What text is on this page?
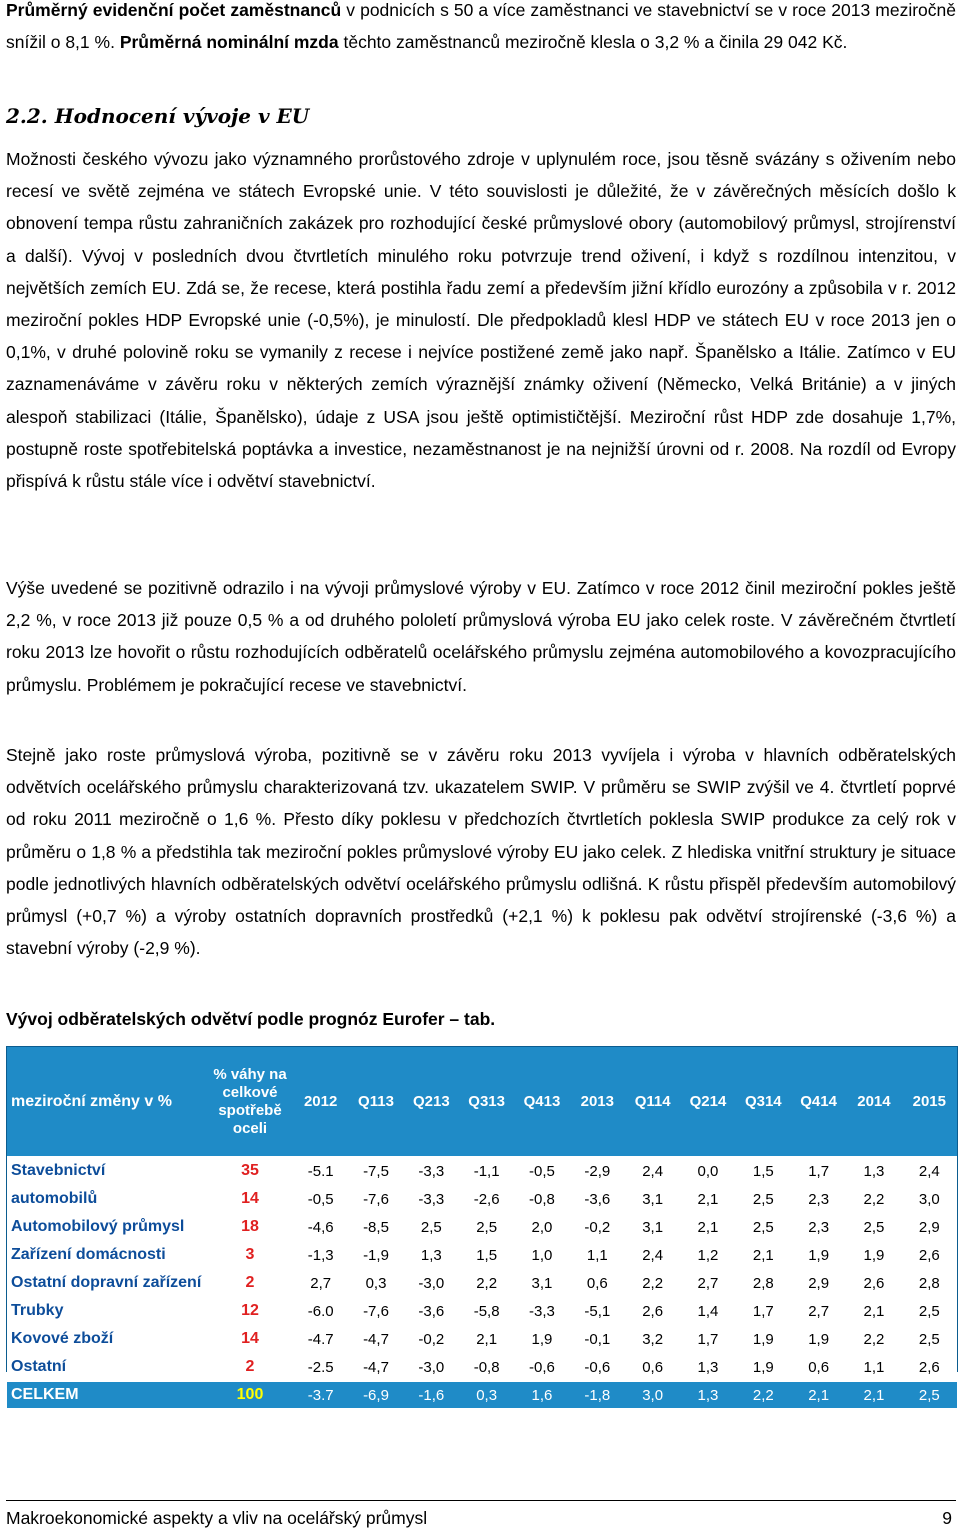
Průměrný evidenční počet zaměstnanců v podnicích s 50 a více zaměstnanci ve stavebnictví se v roce 2013 meziročně snížil o 8,1 %. Průměrná nominální mzda těchto zaměstnanců meziročně klesla o 3,2 % a činila 29 042 Kč.
2.2. Hodnocení vývoje v EU
Možnosti českého vývozu jako významného prorůstového zdroje v uplynulém roce, jsou těsně svázány s oživením nebo recesí ve světě zejména ve státech Evropské unie. V této souvislosti je důležité, že v závěrečných měsících došlo k obnovení tempa růstu zahraničních zakázek pro rozhodující české průmyslové obory (automobilový průmysl, strojírenství a další). Vývoj v posledních dvou čtvrtletích minulého roku potvrzuje trend oživení, i když s rozdílnou intenzitou, v největších zemích EU. Zdá se, že recese, která postihla řadu zemí a především jižní křídlo eurozóny a způsobila v r. 2012 meziroční pokles HDP Evropské unie (-0,5%), je minulostí. Dle předpokladů klesl HDP ve státech EU v roce 2013 jen o 0,1%, v druhé polovině roku se vymanily z recese i nejvíce postižené země jako např. Španělsko a Itálie. Zatímco v EU zaznamenáváme v závěru roku v některých zemích výraznější známky oživení (Německo, Velká Británie) a v jiných alespoň stabilizaci (Itálie, Španělsko), údaje z USA jsou ještě optimističtější. Meziroční růst HDP zde dosahuje 1,7%, postupně roste spotřebitelská poptávka a investice, nezaměstnanost je na nejnižší úrovni od r. 2008. Na rozdíl od Evropy přispívá k růstu stále více i odvětví stavebnictví.
Výše uvedené se pozitivně odrazilo i na vývoji průmyslové výroby v EU. Zatímco v roce 2012 činil meziroční pokles ještě 2,2 %, v roce 2013 již pouze 0,5 % a od druhého pololetí průmyslová výroba EU jako celek roste. V závěrečném čtvrtletí roku 2013 lze hovořit o růstu rozhodujících odběratelů ocelářského průmyslu zejména automobilového a kovozpracujícího průmyslu. Problémem je pokračující recese ve stavebnictví.
Stejně jako roste průmyslová výroba, pozitivně se v závěru roku 2013 vyvíjela i výroba v hlavních odběratelských odvětvích ocelářského průmyslu charakterizovaná tzv. ukazatelem SWIP. V průměru se SWIP zvýšil ve 4. čtvrtletí poprvé od roku 2011 meziročně o 1,6 %. Přesto díky poklesu v předchozích čtvrtletích poklesla SWIP produkce za celý rok v průměru o 1,8 % a předstihla tak meziroční pokles průmyslové výroby EU jako celek. Z hlediska vnitřní struktury je situace podle jednotlivých hlavních odběratelských odvětví ocelářského průmyslu odlišná. K růstu přispěl především automobilový průmysl (+0,7 %) a výroby ostatních dopravních prostředků (+2,1 %) k poklesu pak odvětví strojírenské (-3,6 %) a stavební výroby (-2,9 %).
Vývoj odběratelských odvětví podle prognóz Eurofer – tab.
meziroční změny v %	% váhy na celkové spotřebě oceli	2012	Q113	Q213	Q313	Q413	2013	Q114	Q214	Q314	Q414	2014	2015
Stavebnictví	35	-5.1	-7,5	-3,3	-1,1	-0,5	-2,9	2,4	0,0	1,5	1,7	1,3	2,4
automobilů	14	-0,5	-7,6	-3,3	-2,6	-0,8	-3,6	3,1	2,1	2,5	2,3	2,2	3,0
Automobilový průmysl	18	-4,6	-8,5	2,5	2,5	2,0	-0,2	3,1	2,1	2,5	2,3	2,5	2,9
Zařízení domácnosti	3	-1,3	-1,9	1,3	1,5	1,0	1,1	2,4	1,2	2,1	1,9	1,9	2,6
Ostatní dopravní zařízení	2	2,7	0,3	-3,0	2,2	3,1	0,6	2,2	2,7	2,8	2,9	2,6	2,8
Trubky	12	-6.0	-7,6	-3,6	-5,8	-3,3	-5,1	2,6	1,4	1,7	2,7	2,1	2,5
Kovové zboží	14	-4.7	-4,7	-0,2	2,1	1,9	-0,1	3,2	1,7	1,9	1,9	2,2	2,5
Ostatní	2	-2.5	-4,7	-3,0	-0,8	-0,6	-0,6	0,6	1,3	1,9	0,6	1,1	2,6
CELKEM	100	-3.7	-6,9	-1,6	0,3	1,6	-1,8	3,0	1,3	2,2	2,1	2,1	2,5
Makroekonomické aspekty a vliv na ocelářský průmysl	9
